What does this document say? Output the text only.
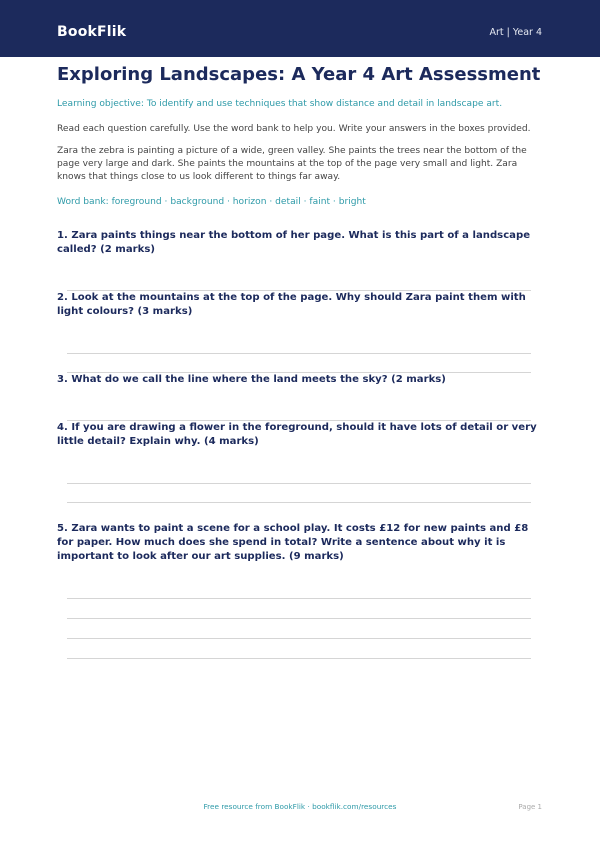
BookFlik	Art | Year 4
Exploring Landscapes: A Year 4 Art Assessment
Learning objective: To identify and use techniques that show distance and detail in landscape art.
Read each question carefully. Use the word bank to help you. Write your answers in the boxes provided.
Zara the zebra is painting a picture of a wide, green valley. She paints the trees near the bottom of the page very large and dark. She paints the mountains at the top of the page very small and light. Zara knows that things close to us look different to things far away.
Word bank: foreground · background · horizon · detail · faint · bright
1. Zara paints things near the bottom of her page. What is this part of a landscape called? (2 marks)
2. Look at the mountains at the top of the page. Why should Zara paint them with light colours? (3 marks)
3. What do we call the line where the land meets the sky? (2 marks)
4. If you are drawing a flower in the foreground, should it have lots of detail or very little detail? Explain why. (4 marks)
5. Zara wants to paint a scene for a school play. It costs £12 for new paints and £8 for paper. How much does she spend in total? Write a sentence about why it is important to look after our art supplies. (9 marks)
Free resource from BookFlik · bookflik.com/resources	Page 1
